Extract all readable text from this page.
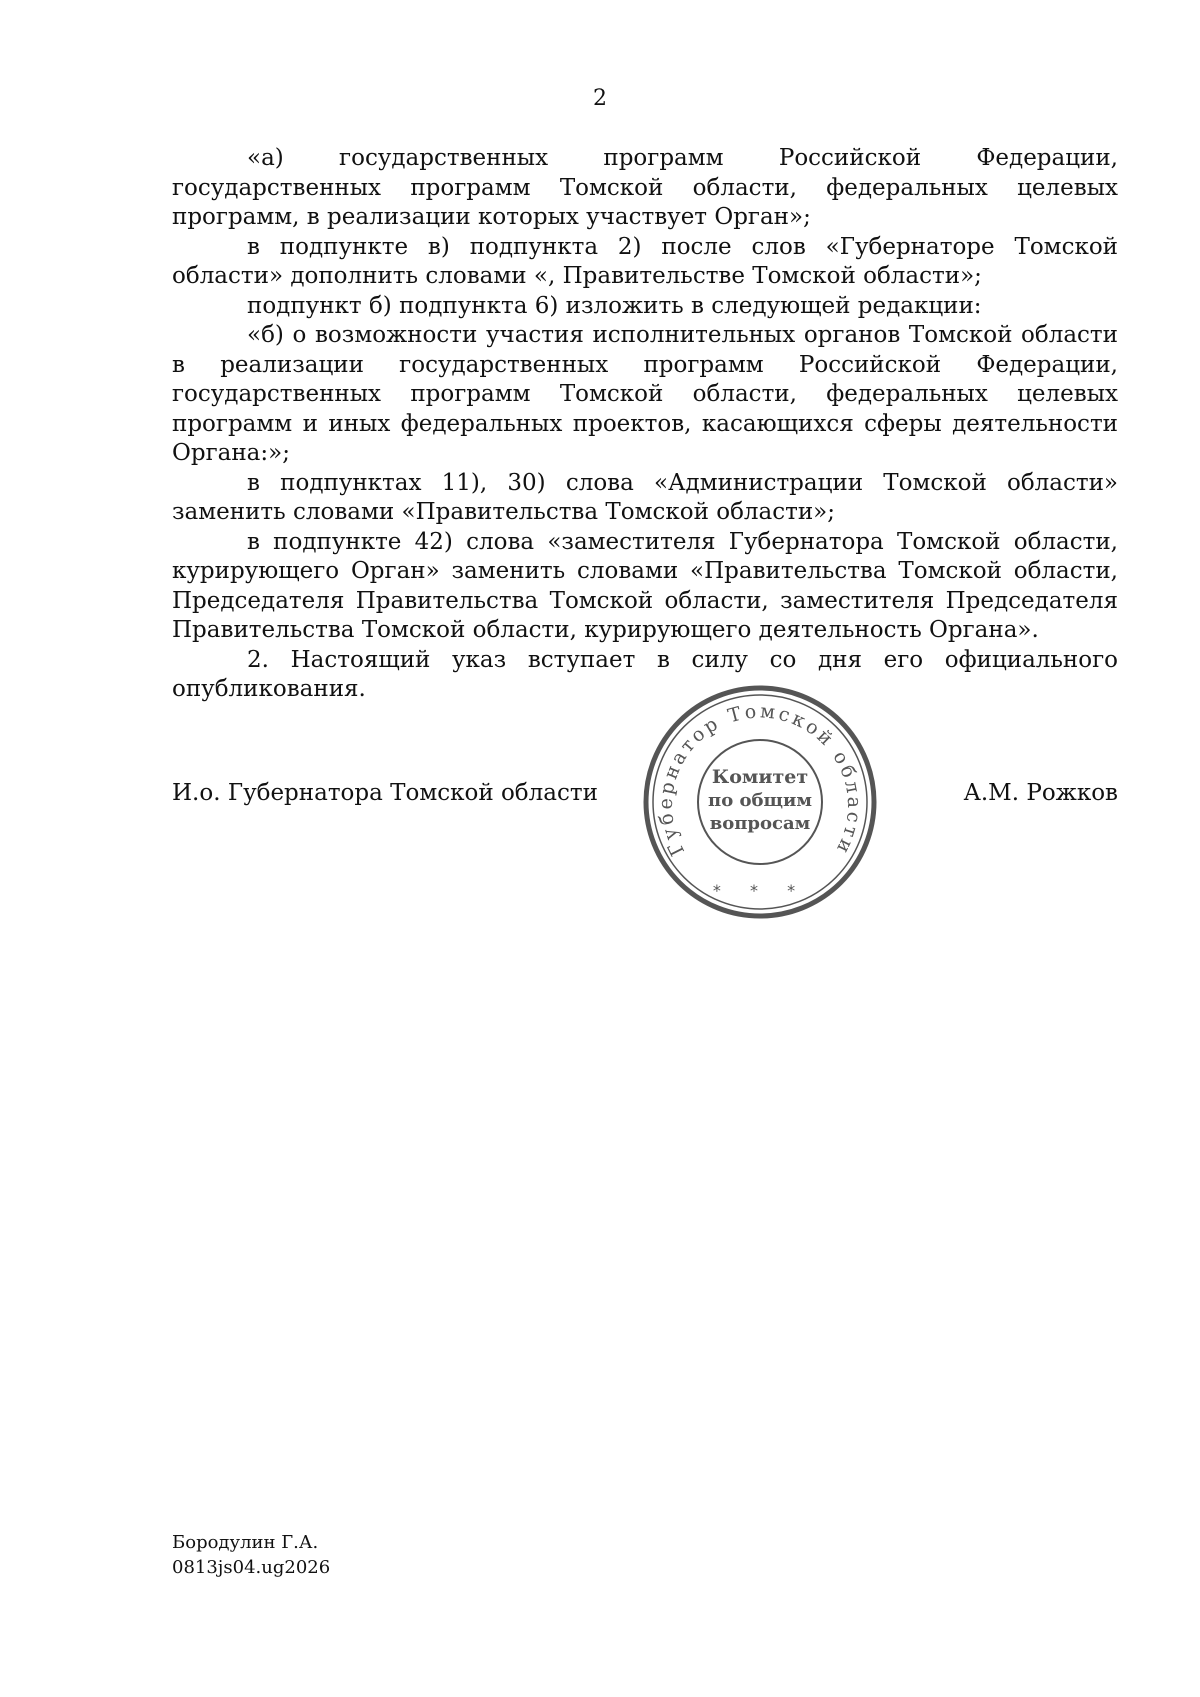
2

«а) государственных программ Российской Федерации, государственных программ Томской области, федеральных целевых программ, в реализации которых участвует Орган»;

в подпункте в) подпункта 2) после слов «Губернаторе Томской области» дополнить словами «, Правительстве Томской области»;

подпункт б) подпункта 6) изложить в следующей редакции:

«б) о возможности участия исполнительных органов Томской области в реализации государственных программ Российской Федерации, государственных программ Томской области, федеральных целевых программ и иных федеральных проектов, касающихся сферы деятельности Органа:»;

в подпунктах 11), 30) слова «Администрации Томской области» заменить словами «Правительства Томской области»;

в подпункте 42) слова «заместителя Губернатора Томской области, курирующего Орган» заменить словами «Правительства Томской области, Председателя Правительства Томской области, заместителя Председателя Правительства Томской области, курирующего деятельность Органа».

2. Настоящий указ вступает в силу со дня его официального опубликования.

И.о. Губернатора Томской области	А.М. Рожков
Губернатор Томской области
Комитет
по общим
вопросам
* * *
Бородулин Г.А.
0813js04.ug2026
